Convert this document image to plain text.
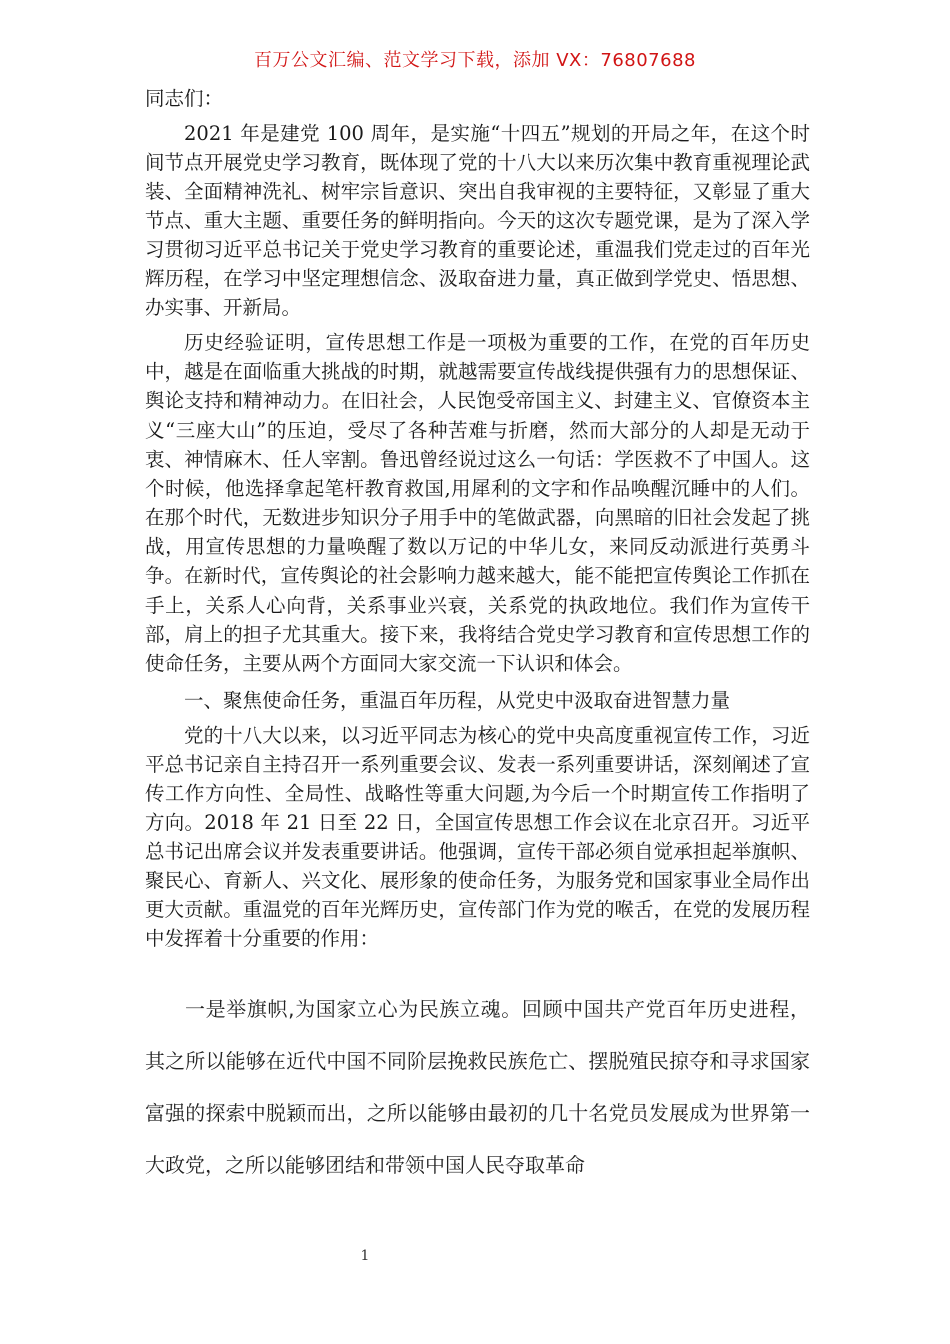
百万公文汇编、范文学习下载，添加 VX：76807688

同志们：

2021 年是建党 100 周年，是实施“十四五”规划的开局之年，在这个时间节点开展党史学习教育，既体现了党的十八大以来历次集中教育重视理论武装、全面精神洗礼、树牢宗旨意识、突出自我审视的主要特征，又彰显了重大节点、重大主题、重要任务的鲜明指向。今天的这次专题党课，是为了深入学习贯彻习近平总书记关于党史学习教育的重要论述，重温我们党走过的百年光辉历程，在学习中坚定理想信念、汲取奋进力量，真正做到学党史、悟思想、办实事、开新局。

历史经验证明，宣传思想工作是一项极为重要的工作，在党的百年历史中，越是在面临重大挑战的时期，就越需要宣传战线提供强有力的思想保证、舆论支持和精神动力。在旧社会，人民饱受帝国主义、封建主义、官僚资本主义“三座大山”的压迫，受尽了各种苦难与折磨，然而大部分的人却是无动于衷、神情麻木、任人宰割。鲁迅曾经说过这么一句话：学医救不了中国人。这个时候，他选择拿起笔杆教育救国,用犀利的文字和作品唤醒沉睡中的人们。在那个时代，无数进步知识分子用手中的笔做武器，向黑暗的旧社会发起了挑战，用宣传思想的力量唤醒了数以万记的中华儿女，来同反动派进行英勇斗争。在新时代，宣传舆论的社会影响力越来越大，能不能把宣传舆论工作抓在手上，关系人心向背，关系事业兴衰，关系党的执政地位。我们作为宣传干部，肩上的担子尤其重大。接下来，我将结合党史学习教育和宣传思想工作的使命任务，主要从两个方面同大家交流一下认识和体会。

一、聚焦使命任务，重温百年历程，从党史中汲取奋进智慧力量

党的十八大以来，以习近平同志为核心的党中央高度重视宣传工作，习近平总书记亲自主持召开一系列重要会议、发表一系列重要讲话，深刻阐述了宣传工作方向性、全局性、战略性等重大问题,为今后一个时期宣传工作指明了方向。2018 年 21 日至 22 日，全国宣传思想工作会议在北京召开。习近平总书记出席会议并发表重要讲话。他强调，宣传干部必须自觉承担起举旗帜、聚民心、育新人、兴文化、展形象的使命任务，为服务党和国家事业全局作出更大贡献。重温党的百年光辉历史，宣传部门作为党的喉舌，在党的发展历程中发挥着十分重要的作用：

一是举旗帜,为国家立心为民族立魂。回顾中国共产党百年历史进程，其之所以能够在近代中国不同阶层挽救民族危亡、摆脱殖民掠夺和寻求国家富强的探索中脱颖而出，之所以能够由最初的几十名党员发展成为世界第一大政党，之所以能够团结和带领中国人民夺取革命

1
